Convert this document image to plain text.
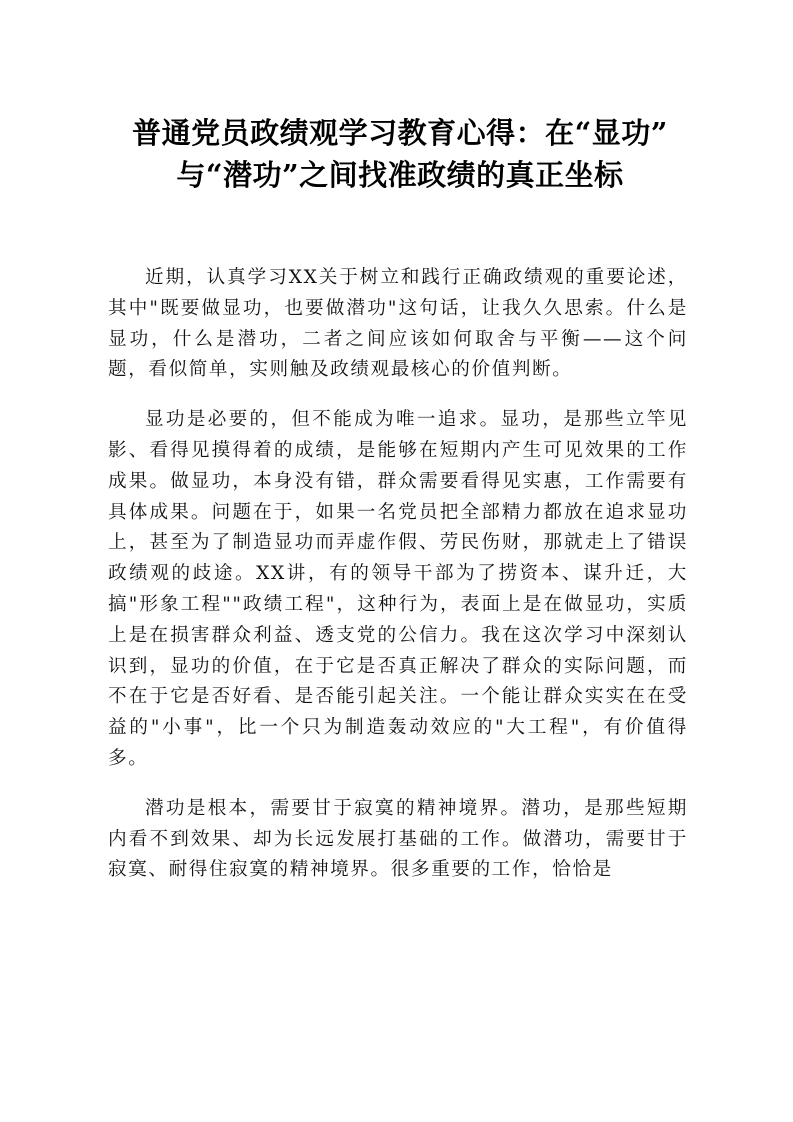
普通党员政绩观学习教育心得：在“显功”
与“潜功”之间找准政绩的真正坐标

近期，认真学习XX关于树立和践行正确政绩观的重要论述，其中"既要做显功，也要做潜功"这句话，让我久久思索。什么是显功，什么是潜功，二者之间应该如何取舍与平衡——这个问题，看似简单，实则触及政绩观最核心的价值判断。

显功是必要的，但不能成为唯一追求。显功，是那些立竿见影、看得见摸得着的成绩，是能够在短期内产生可见效果的工作成果。做显功，本身没有错，群众需要看得见实惠，工作需要有具体成果。问题在于，如果一名党员把全部精力都放在追求显功上，甚至为了制造显功而弄虚作假、劳民伤财，那就走上了错误政绩观的歧途。XX讲，有的领导干部为了捞资本、谋升迁，大搞"形象工程""政绩工程"，这种行为，表面上是在做显功，实质上是在损害群众利益、透支党的公信力。我在这次学习中深刻认识到，显功的价值，在于它是否真正解决了群众的实际问题，而不在于它是否好看、是否能引起关注。一个能让群众实实在在受益的"小事"，比一个只为制造轰动效应的"大工程"，有价值得多。

潜功是根本，需要甘于寂寞的精神境界。潜功，是那些短期内看不到效果、却为长远发展打基础的工作。做潜功，需要甘于寂寞、耐得住寂寞的精神境界。很多重要的工作，恰恰是
